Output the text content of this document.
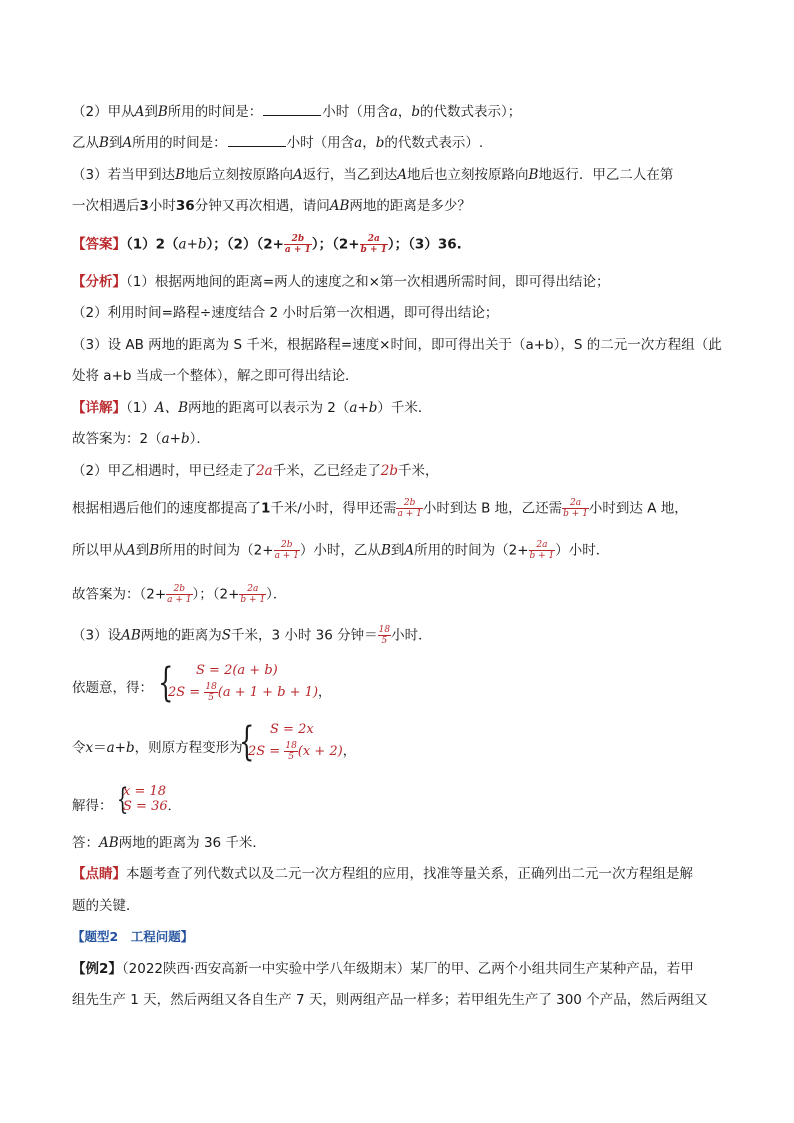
（2）甲从A到B所用的时间是：	小时（用含a，b的代数式表示）；
乙从B到A所用的时间是：	小时（用含a，b的代数式表示）.
（3）若当甲到达B地后立刻按原路向A返行，当乙到达A地后也立刻按原路向B地返行．甲乙二人在第
一次相遇后3小时36分钟又再次相遇，请问AB两地的距离是多少？
【答案】（1）2（a+b）；$(2)(2+ \frac{2b}{a + 1}$ ）；（$2+ \frac{2a}{b + 1}$ ）；（3）36.
【分析】（1）根据两地间的距离=两人的速度之和×第一次相遇所需时间，即可得出结论；
（2）利用时间=路程÷速度结合 2 小时后第一次相遇，即可得出结论；
（3）设 AB 两地的距离为 S 千米，根据路程=速度×时间，即可得出关于（a+b），S 的二元一次方程组（此
处将 a+b 当成一个整体），解之即可得出结论．
【详解】（1）A、B两地的距离可以表示为 2（a+b）千米．
故答案为：2（a+b）．
（2）甲乙相遇时，甲已经走了2a千米，乙已经走了2b千米，
根据相遇后他们的速度都提高了1千米/小时，得甲还需 $\frac{2b}{a + 1}$ 小时到达 B 地，乙还需 $\frac{2a}{b + 1}$ 小时到达 A 地，
所以甲从A到B所用的时间为（$2+ \frac{2b}{a + 1}$ ）小时，乙从B到A所用的时间为（$2+ \frac{2a}{b + 1}$ ）小时．
故答案为：（$2+ \frac{2b}{a + 1}$ ）；（$2+ \frac{2a}{b + 1}$ ）．
（3）设AB两地的距离为S千米，3 小时 36 分钟＝ $\frac{18}{5}$ 小时．
依题意，得： { S = 2(a + b)
$2S = \frac{18}{5} (a + 1 + b + 1)$，
令x＝a+b，则原方程变形为
{ S = 2x
$2S = \frac{18}{5} (x + 2)$，
解得： {
x = 18
S = 36．
答：AB两地的距离为 36 千米．
【点睛】本题考查了列代数式以及二元一次方程组的应用，找准等量关系，正确列出二元一次方程组是解
题的关键．
【题型2　工程问题】
【例2】（2022陕西·西安高新一中实验中学八年级期末）某厂的甲、乙两个小组共同生产某种产品，若甲
组先生产 1 天，然后两组又各自生产 7 天，则两组产品一样多；若甲组先生产了 300 个产品，然后两组又
